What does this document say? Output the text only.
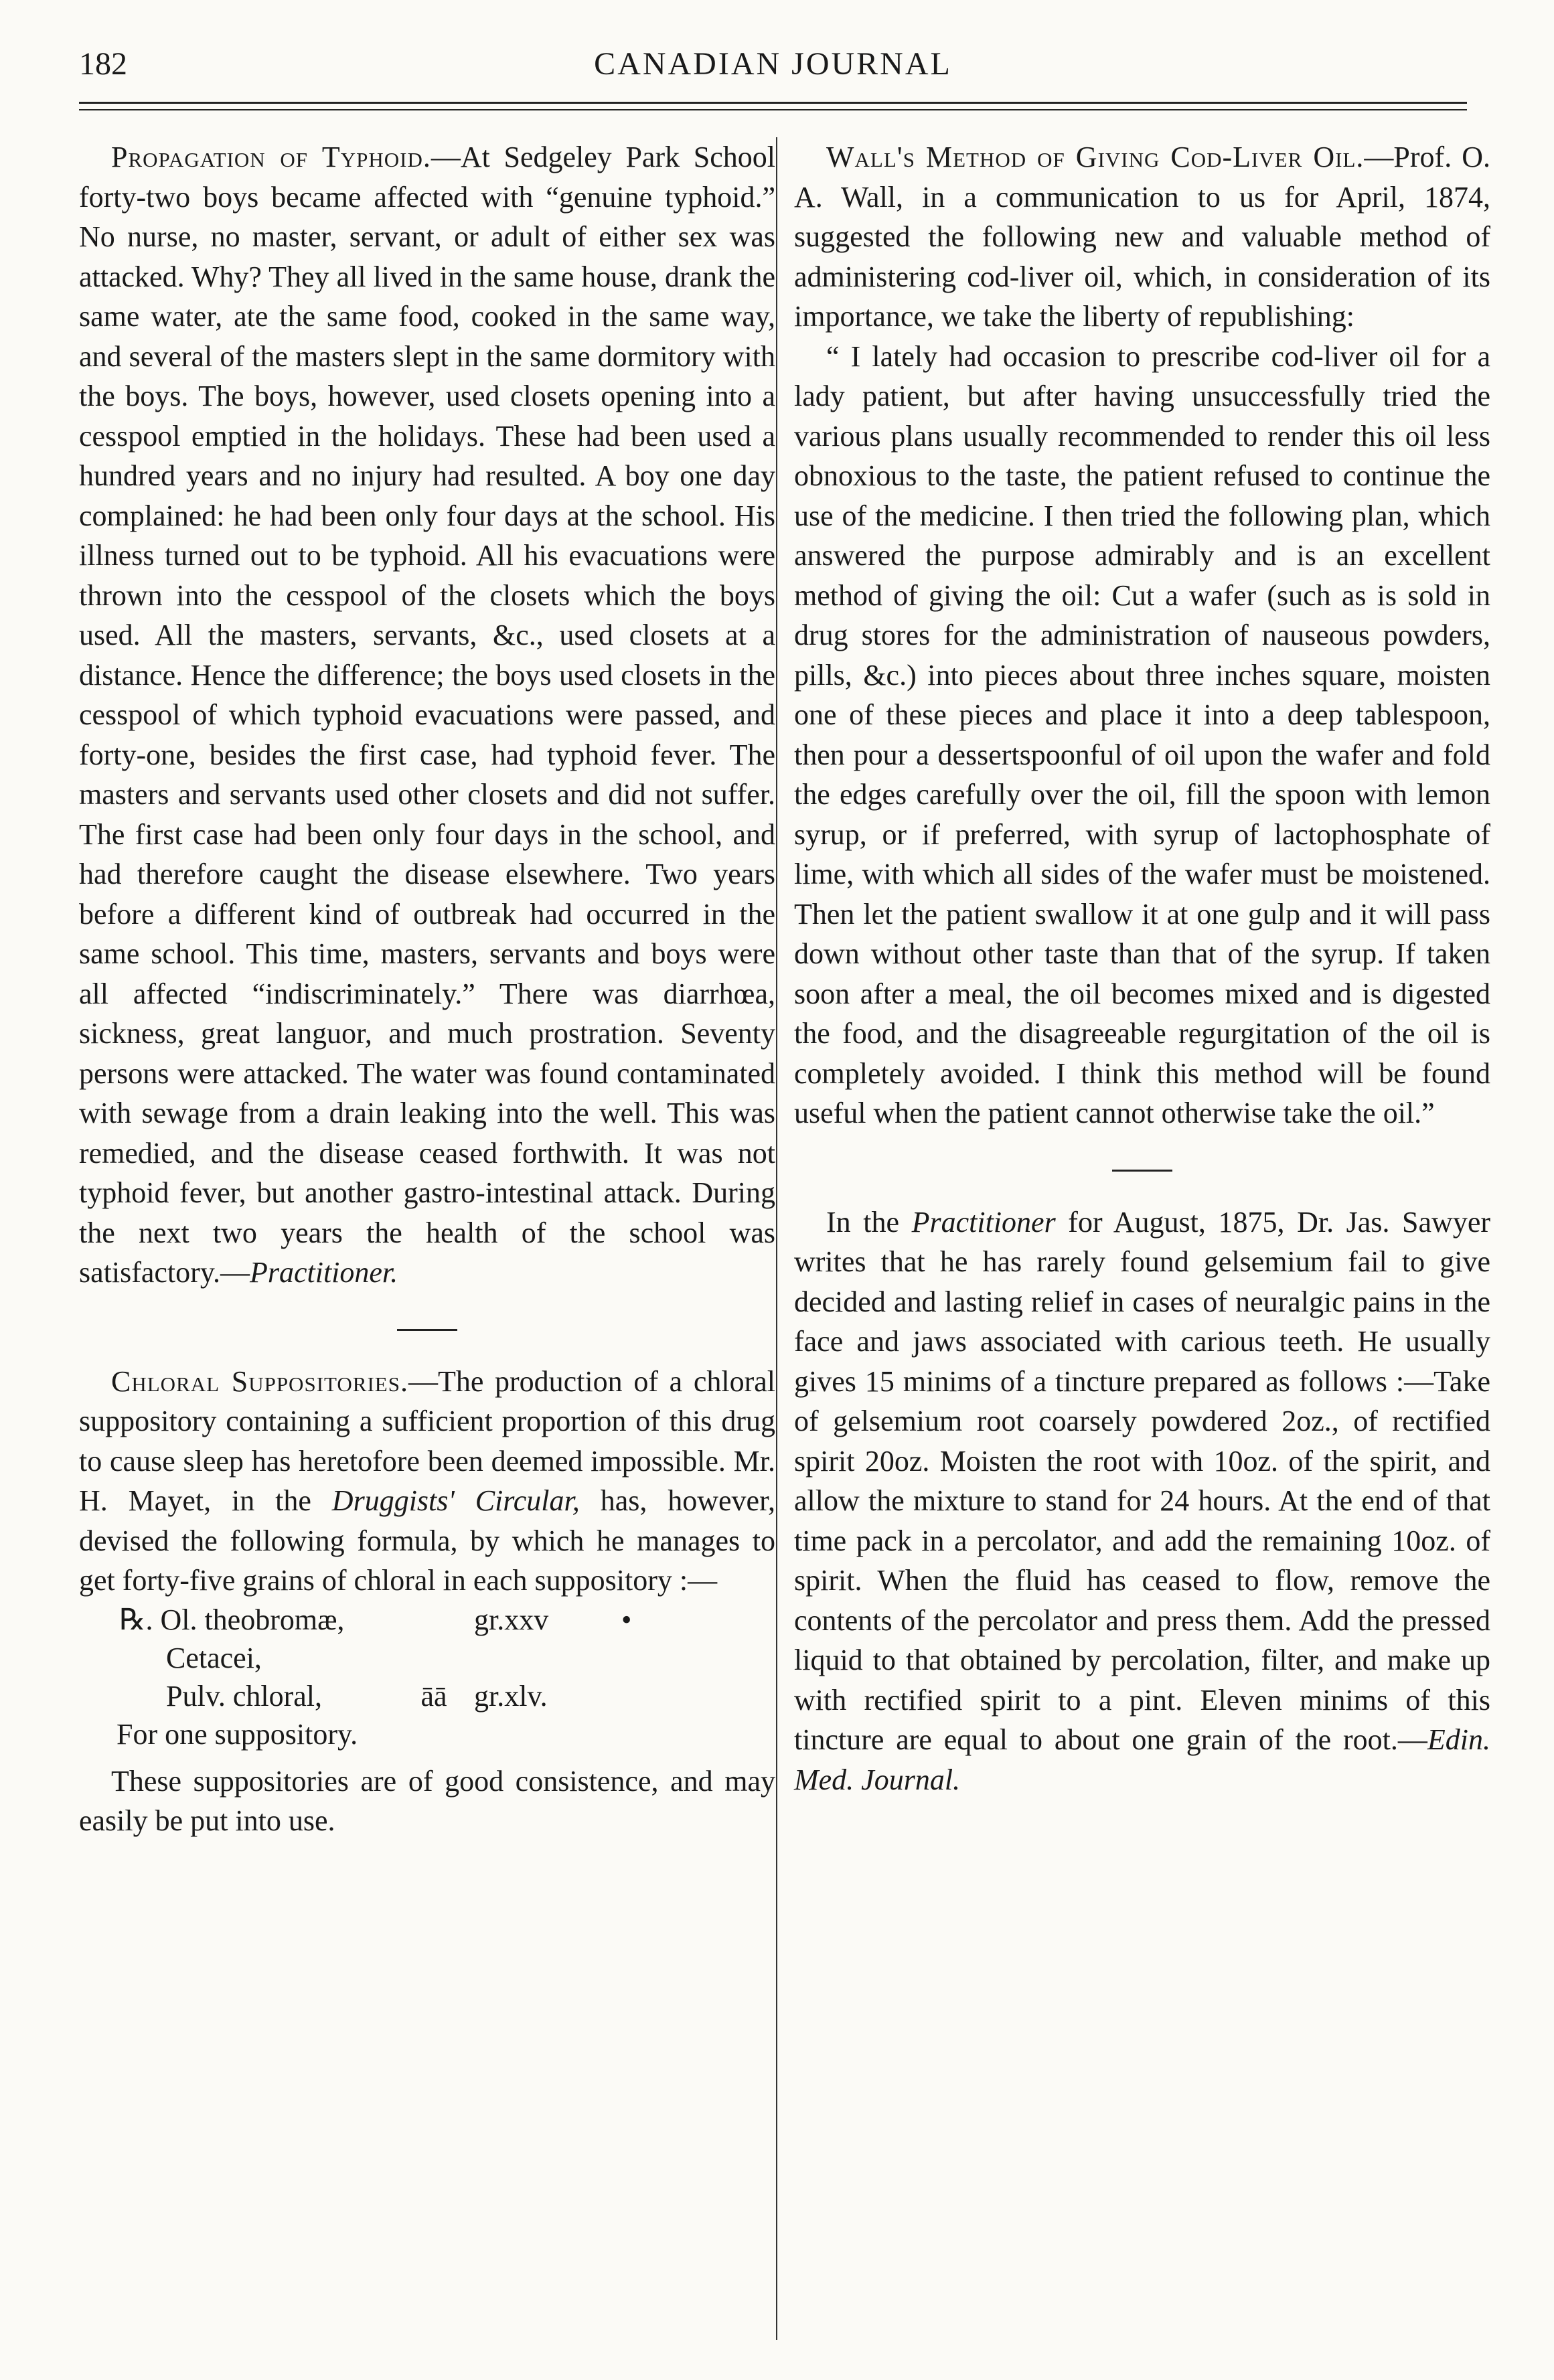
182	CANADIAN JOURNAL

Propagation of Typhoid.—At Sedgeley Park School forty-two boys became affected with “genuine typhoid.” No nurse, no master, servant, or adult of either sex was attacked. Why? They all lived in the same house, drank the same water, ate the same food, cooked in the same way, and several of the masters slept in the same dormitory with the boys. The boys, however, used closets opening into a cesspool emptied in the holidays. These had been used a hundred years and no injury had resulted. A boy one day complained: he had been only four days at the school. His illness turned out to be typhoid. All his evacuations were thrown into the cesspool of the closets which the boys used. All the masters, servants, &c., used closets at a distance. Hence the difference; the boys used closets in the cesspool of which typhoid evacuations were passed, and forty-one, besides the first case, had typhoid fever. The masters and servants used other closets and did not suffer. The first case had been only four days in the school, and had therefore caught the disease elsewhere. Two years before a different kind of outbreak had occurred in the same school. This time, masters, servants and boys were all affected “indiscriminately.” There was diarrhœa, sickness, great languor, and much prostration. Seventy persons were attacked. The water was found contaminated with sewage from a drain leaking into the well. This was remedied, and the disease ceased forthwith. It was not typhoid fever, but another gastro-intestinal attack. During the next two years the health of the school was satisfactory.—Practitioner.

Chloral Suppositories.—The production of a chloral suppository containing a sufficient proportion of this drug to cause sleep has heretofore been deemed impossible. Mr. H. Mayet, in the Druggists' Circular, has, however, devised the following formula, by which he manages to get forty-five grains of chloral in each suppository :—

℞. Ol. theobromæ,	gr.xxv	•
Cetacei,
Pulv. chloral,	āā gr.xlv.
For one suppository.

These suppositories are of good consistence, and may easily be put into use.

Wall's Method of Giving Cod-Liver Oil.—Prof. O. A. Wall, in a communication to us for April, 1874, suggested the following new and valuable method of administering cod-liver oil, which, in consideration of its importance, we take the liberty of republishing:

“ I lately had occasion to prescribe cod-liver oil for a lady patient, but after having unsuccessfully tried the various plans usually recommended to render this oil less obnoxious to the taste, the patient refused to continue the use of the medicine. I then tried the following plan, which answered the purpose admirably and is an excellent method of giving the oil: Cut a wafer (such as is sold in drug stores for the administration of nauseous powders, pills, &c.) into pieces about three inches square, moisten one of these pieces and place it into a deep tablespoon, then pour a dessertspoonful of oil upon the wafer and fold the edges carefully over the oil, fill the spoon with lemon syrup, or if preferred, with syrup of lactophosphate of lime, with which all sides of the wafer must be moistened. Then let the patient swallow it at one gulp and it will pass down without other taste than that of the syrup. If taken soon after a meal, the oil becomes mixed and is digested the food, and the disagreeable regurgitation of the oil is completely avoided. I think this method will be found useful when the patient cannot otherwise take the oil.”

In the Practitioner for August, 1875, Dr. Jas. Sawyer writes that he has rarely found gelsemium fail to give decided and lasting relief in cases of neuralgic pains in the face and jaws associated with carious teeth. He usually gives 15 minims of a tincture prepared as follows :—Take of gelsemium root coarsely powdered 2oz., of rectified spirit 20oz. Moisten the root with 10oz. of the spirit, and allow the mixture to stand for 24 hours. At the end of that time pack in a percolator, and add the remaining 10oz. of spirit. When the fluid has ceased to flow, remove the contents of the percolator and press them. Add the pressed liquid to that obtained by percolation, filter, and make up with rectified spirit to a pint. Eleven minims of this tincture are equal to about one grain of the root.—Edin. Med. Journal.
